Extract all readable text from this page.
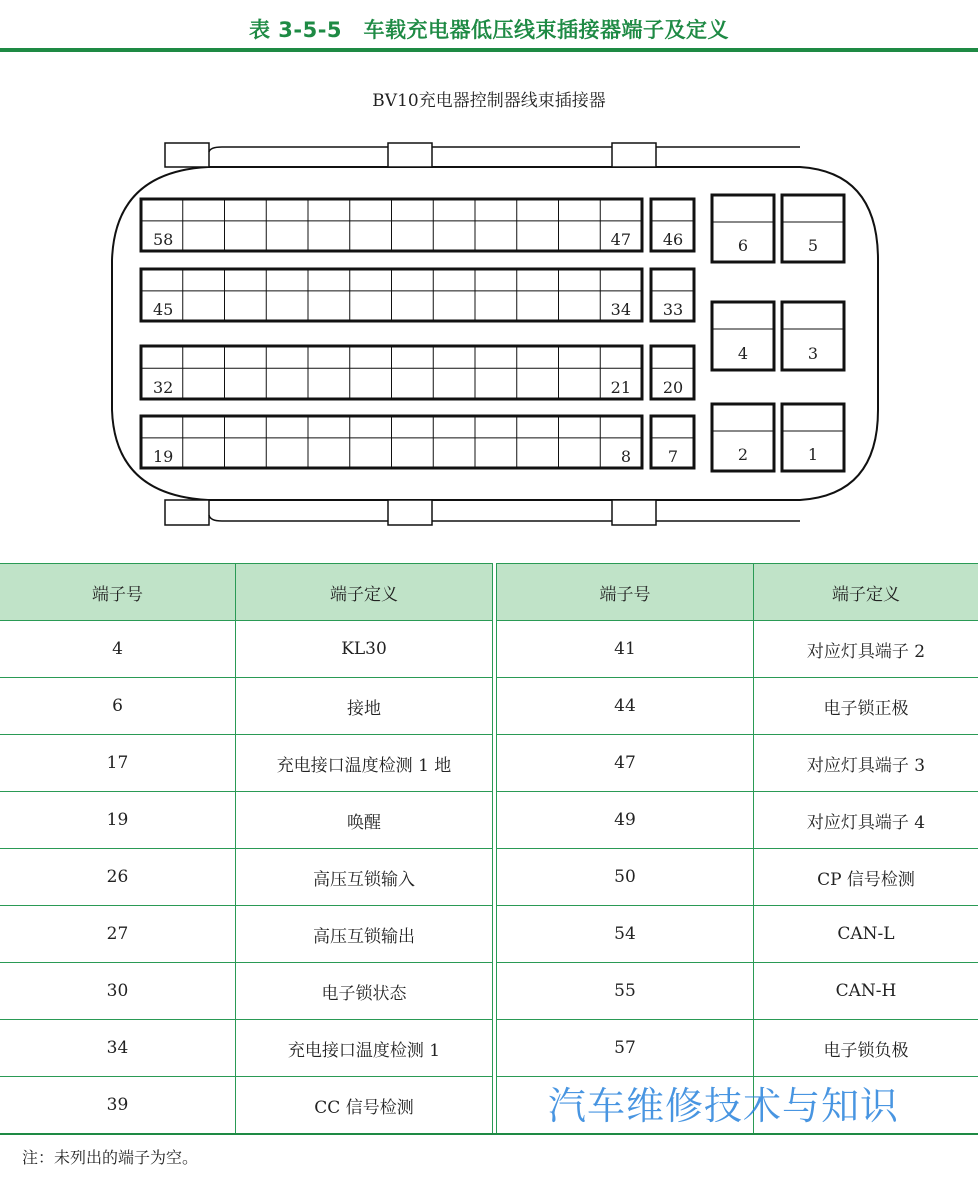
表 3-5-5　车载充电器低压线束插接器端子及定义
BV10充电器控制器线束插接器
58	47 46
45	34 33
32	21 20
19	8 7
6	5
4	3
2	1
端子号	端子定义		端子号	端子定义
4	KL30		41	对应灯具端子 2
6	接地		44	电子锁正极
17	充电接口温度检测 1 地		47	对应灯具端子 3
19	唤醒		49	对应灯具端子 4
26	高压互锁输入		50	CP 信号检测
27	高压互锁输出		54	CAN-L
30	电子锁状态		55	CAN-H
34	充电接口温度检测 1		57	电子锁负极
39	CC 信号检测				汽车维修技术与知识
注：未列出的端子为空。
